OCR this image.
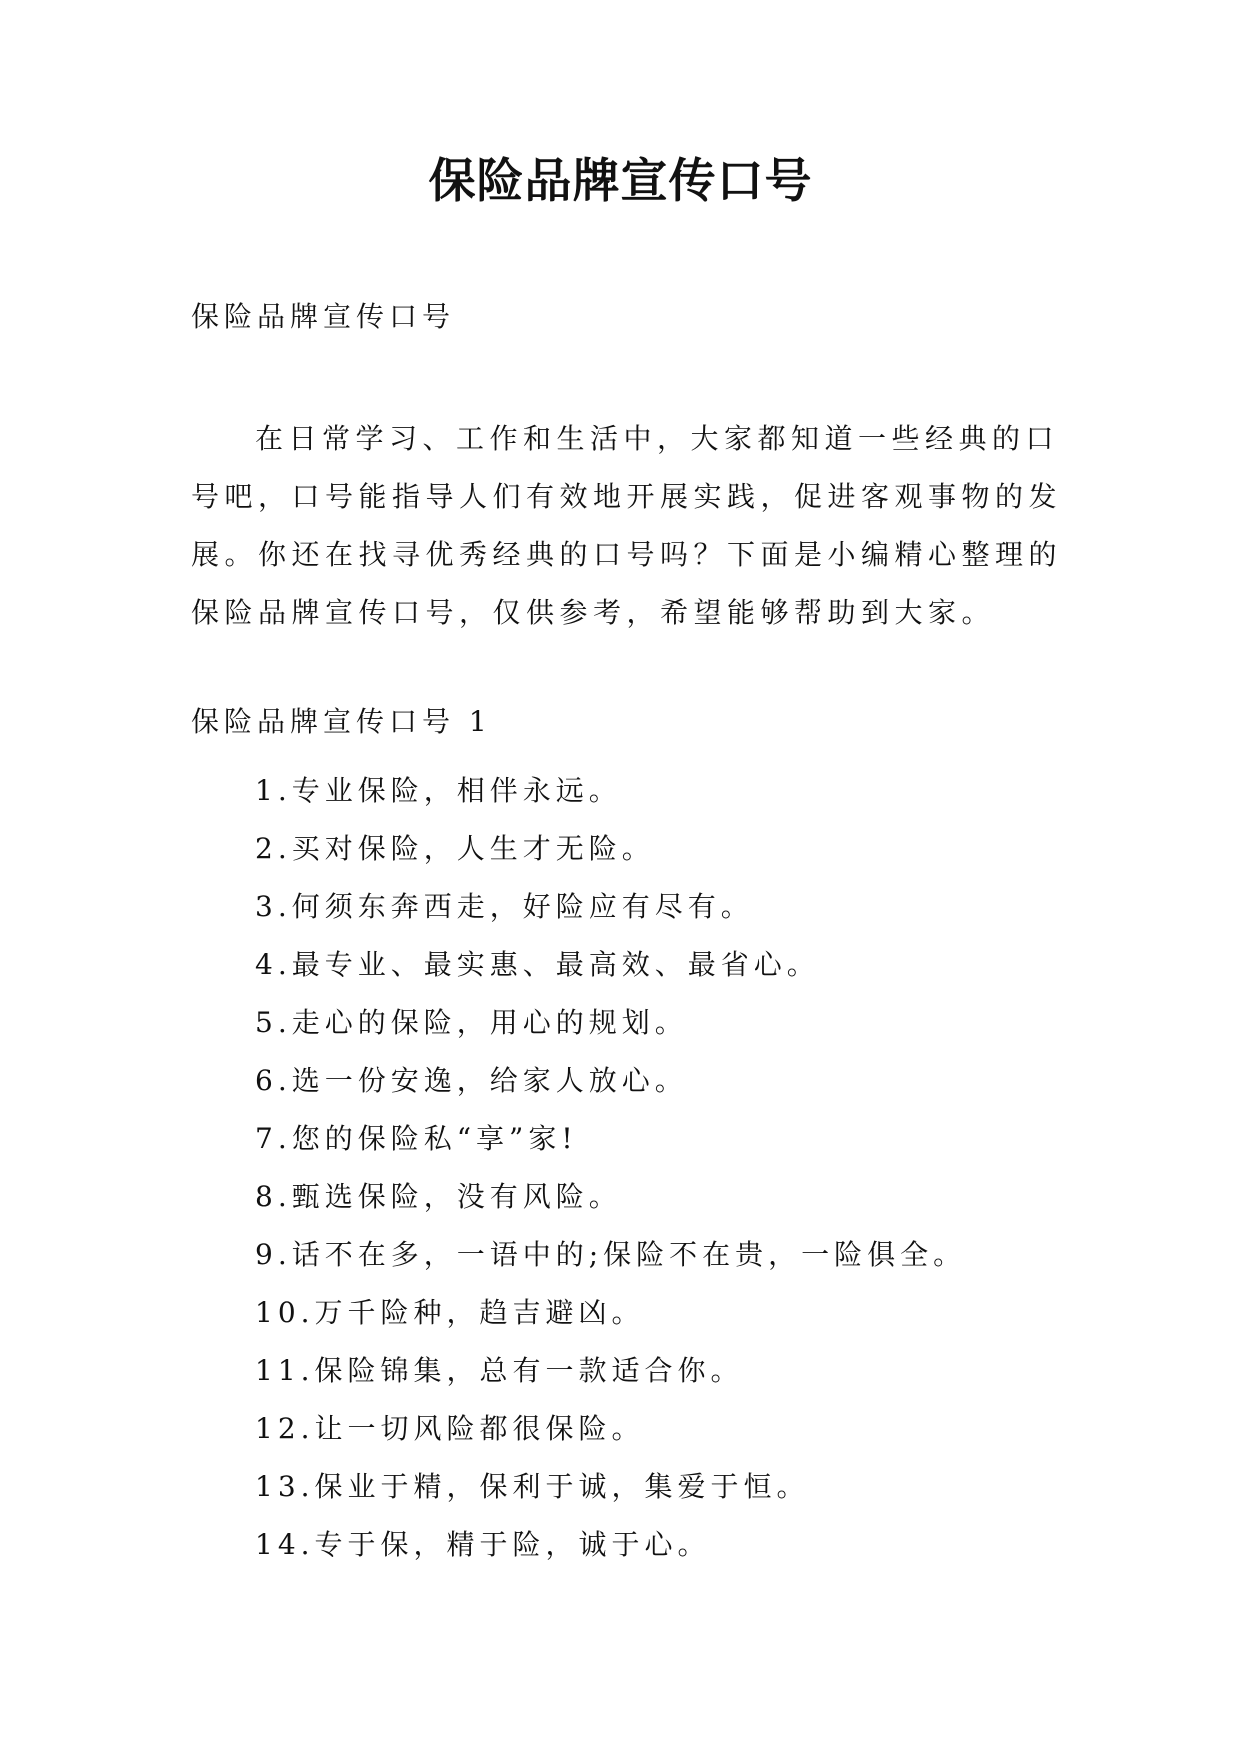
保险品牌宣传口号
保险品牌宣传口号
在日常学习、工作和生活中，大家都知道一些经典的口
号吧，口号能指导人们有效地开展实践，促进客观事物的发
展。你还在找寻优秀经典的口号吗？下面是小编精心整理的
保险品牌宣传口号，仅供参考，希望能够帮助到大家。
保险品牌宣传口号 1
1.专业保险，相伴永远。
2.买对保险，人生才无险。
3.何须东奔西走，好险应有尽有。
4.最专业、最实惠、最高效、最省心。
5.走心的保险，用心的规划。
6.选一份安逸，给家人放心。
7.您的保险私“享”家!
8.甄选保险，没有风险。
9.话不在多，一语中的;保险不在贵，一险俱全。
10.万千险种，趋吉避凶。
11.保险锦集，总有一款适合你。
12.让一切风险都很保险。
13.保业于精，保利于诚，集爱于恒。
14.专于保，精于险，诚于心。
